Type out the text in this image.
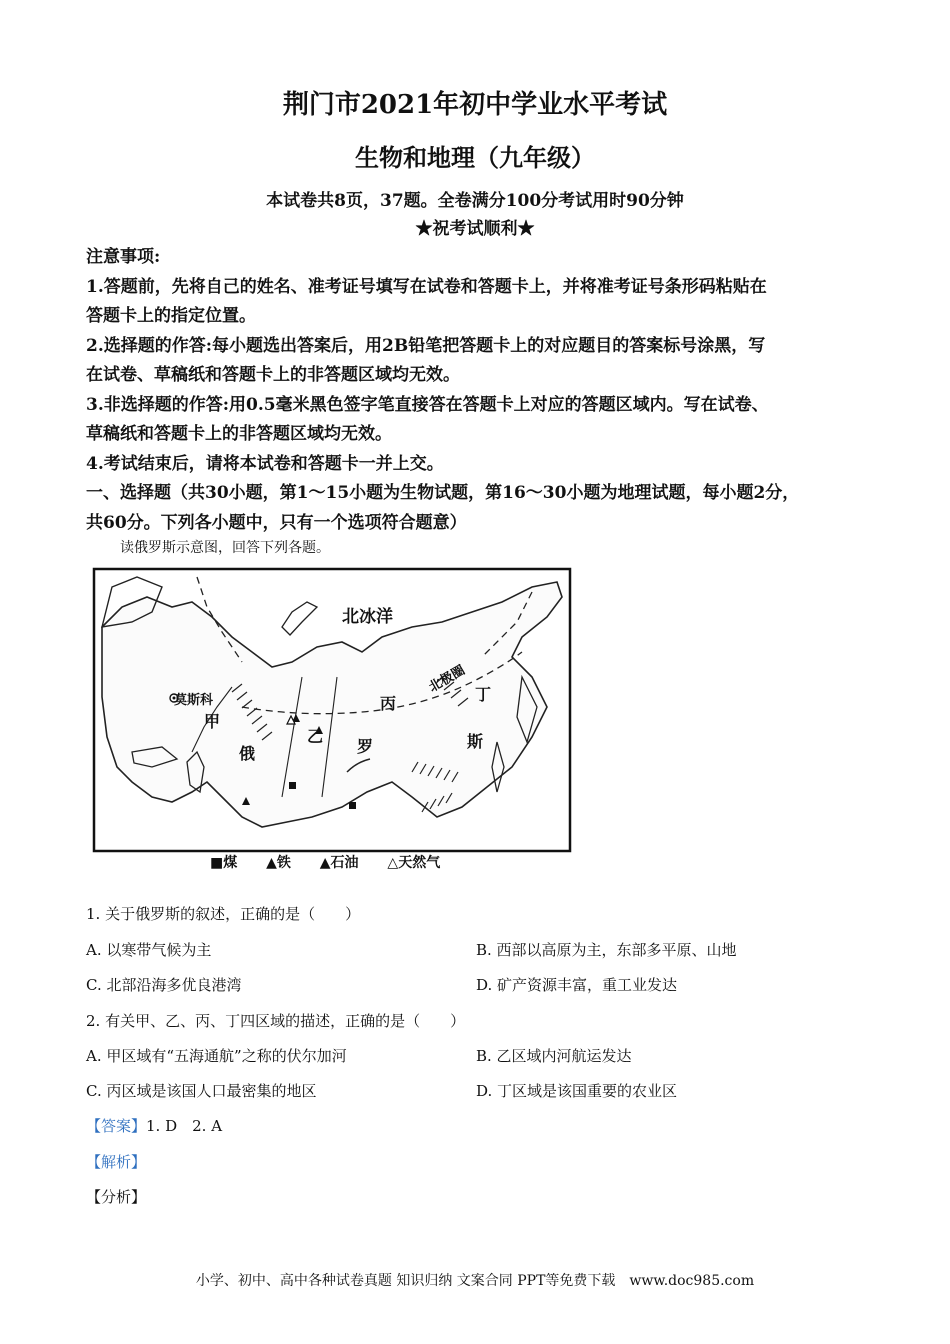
荆门市2021年初中学业水平考试
生物和地理（九年级）
本试卷共8页，37题。全卷满分100分考试用时90分钟
★祝考试顺利★
注意事项:
1.答题前，先将自己的姓名、准考证号填写在试卷和答题卡上，并将准考证号条形码粘贴在
答题卡上的指定位置。
2.选择题的作答:每小题选出答案后，用2B铅笔把答题卡上的对应题目的答案标号涂黑，写
在试卷、草稿纸和答题卡上的非答题区域均无效。
3.非选择题的作答:用0.5毫米黑色签字笔直接答在答题卡上对应的答题区域内。写在试卷、
草稿纸和答题卡上的非答题区域均无效。
4.考试结束后，请将本试卷和答题卡一并上交。
一、选择题（共30小题，第1～15小题为生物试题，第16～30小题为地理试题，每小题2分，
共60分。下列各小题中，只有一个选项符合题意）
读俄罗斯示意图，回答下列各题。
北冰洋
北极圈
莫斯科
甲
乙
丙	丁
俄	罗	斯
■煤 ▲铁 ▲石油 △天然气
1. 关于俄罗斯的叙述，正确的是（　　）
A. 以寒带气候为主	B. 西部以高原为主，东部多平原、山地
C. 北部沿海多优良港湾	D. 矿产资源丰富，重工业发达
2. 有关甲、乙、丙、丁四区域的描述，正确的是（　　）
A. 甲区域有“五海通航”之称的伏尔加河	B. 乙区域内河航运发达
C. 丙区域是该国人口最密集的地区	D. 丁区域是该国重要的农业区
【答案】1. D　2. A
【解析】
【分析】
小学、初中、高中各种试卷真题 知识归纳 文案合同 PPT等免费下载　www.doc985.com
